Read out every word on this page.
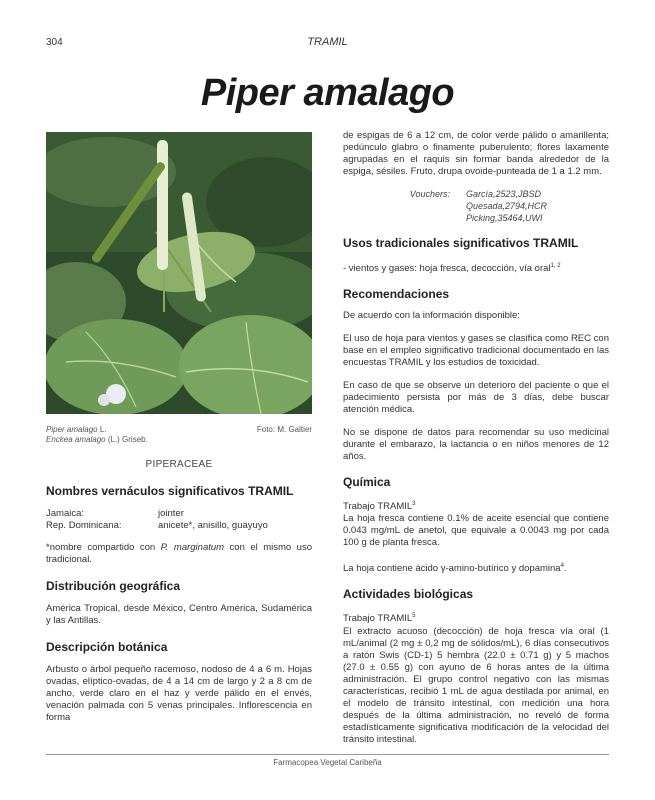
304	TRAMIL
Piper amalago
Piper amalago L.
Enckea amalago (L.) Griseb.
Foto: M. Galtier
PIPERACEAE
Nombres vernáculos significativos TRAMIL
Jamaica:	jointer
Rep. Dominicana:	anicete*, anisillo, guayuyo

*nombre compartido con P. marginatum con el mismo uso tradicional.

Distribución geográfica

América Tropical, desde México, Centro América, Sudamérica y las Antillas.

Descripción botánica

Arbusto o árbol pequeño racemoso, nodoso de 4 a 6 m. Hojas ovadas, elíptico-ovadas, de 4 a 14 cm de largo y 2 a 8 cm de ancho, verde claro en el haz y verde pálido en el envés, venación palmada con 5 venas principales. Inflorescencia en forma

de espigas de 6 a 12 cm, de color verde pálido o amarillenta; pedúnculo glabro o finamente puberulento; flores laxamente agrupadas en el raquis sin formar banda alrededor de la espiga, sésiles. Fruto, drupa ovoide-punteada de 1 a 1.2 mm.

Vouchers:	García,2523,JBSD
Quesada,2794,HCR
Picking,35464,UWI
Usos tradicionales significativos TRAMIL

- vientos y gases: hoja fresca, decocción, vía oral$^{1, 2}$

Recomendaciones

De acuerdo con la información disponible:

El uso de hoja para vientos y gases se clasifica como REC con base en el empleo significativo tradicional documentado en las encuestas TRAMIL y los estudios de toxicidad.

En caso de que se observe un deterioro del paciente o que el padecimiento persista por más de 3 días, debe buscar atención médica.

No se dispone de datos para recomendar su uso medicinal durante el embarazo, la lactancia o en niños menores de 12 años.

Química
Trabajo TRAMIL$^3$

La hoja fresca contiene 0.1% de aceite esencial que contiene 0.043 mg/mL de anetol, que equivale a 0.0043 mg por cada 100 g de planta fresca.

La hoja contiene ácido γ-amino-butírico y dopamina$^4$.

Actividades biológicas
Trabajo TRAMIL$^5$

El extracto acuoso (decocción) de hoja fresca vía oral (1 mL/animal (2 mg ± 0,2 mg de sólidos/mL), 6 días consecutivos a ratón Swis (CD-1) 5 hembra (22.0 ± 0.71 g) y 5 machos (27.0 ± 0.55 g) con ayuno de 6 horas antes de la última administración. El grupo control negativo con las mismas características, recibió 1 mL de agua destilada por animal, en el modelo de tránsito intestinal, con medición una hora después de la última administración, no reveló de forma estadísticamente significativa modificación de la velocidad del tránsito intestinal.

Farmacopea Vegetal Caribeña
